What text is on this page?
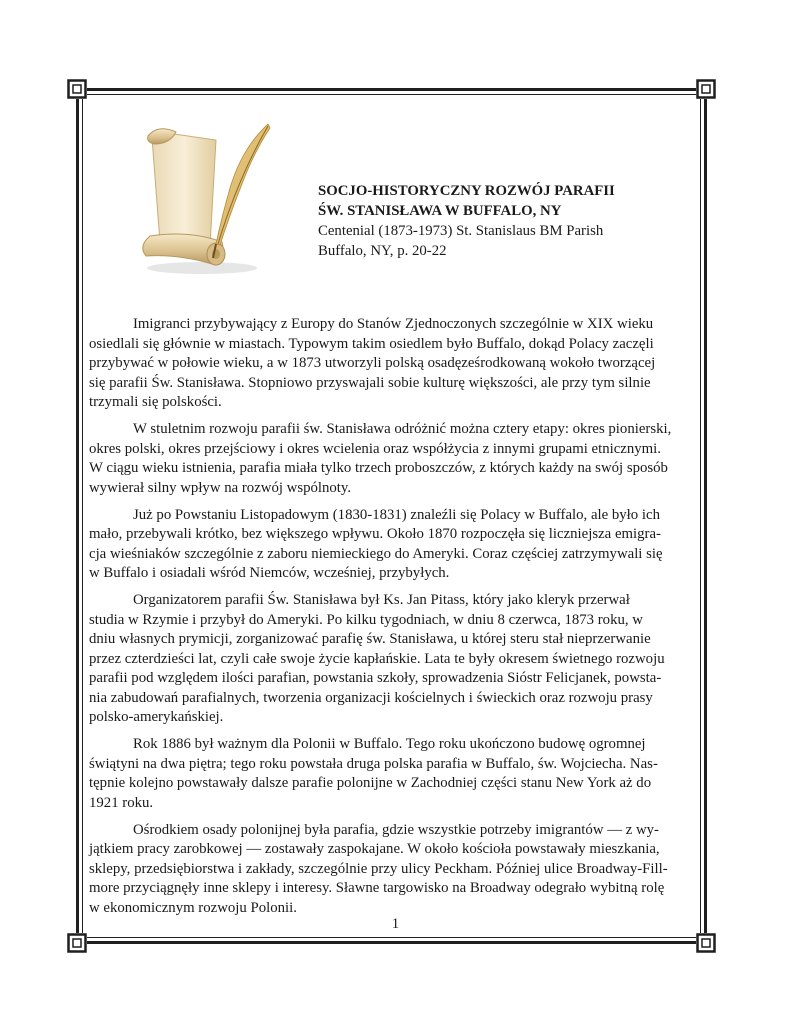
SOCJO-HISTORYCZNY ROZWÓJ PARAFII
ŚW. STANISŁAWA W BUFFALO, NY
Centenial (1873-1973) St. Stanislaus BM Parish
Buffalo, NY, p. 20-22

Imigranci przybywający z Europy do Stanów Zjednoczonych szczególnie w XIX wieku
osiedlali się głównie w miastach. Typowym takim osiedlem było Buffalo, dokąd Polacy zaczęli
przybywać w połowie wieku, a w 1873 utworzyli polską osadęześrodkowaną wokoło tworzącej
się parafii Św. Stanisława. Stopniowo przyswajali sobie kulturę większości, ale przy tym silnie
trzymali się polskości.

W stuletnim rozwoju parafii św. Stanisława odróżnić można cztery etapy: okres pionierski,
okres polski, okres przejściowy i okres wcielenia oraz współżycia z innymi grupami etnicznymi.
W ciągu wieku istnienia, parafia miała tylko trzech proboszczów, z których każdy na swój sposób
wywierał silny wpływ na rozwój wspólnoty.

Już po Powstaniu Listopadowym (1830-1831) znaleźli się Polacy w Buffalo, ale było ich
mało, przebywali krótko, bez większego wpływu. Około 1870 rozpoczęła się liczniejsza emigra-
cja wieśniaków szczególnie z zaboru niemieckiego do Ameryki. Coraz częściej zatrzymywali się
w Buffalo i osiadali wśród Niemców, wcześniej, przybyłych.

Organizatorem parafii Św. Stanisława był Ks. Jan Pitass, który jako kleryk przerwał
studia w Rzymie i przybył do Ameryki. Po kilku tygodniach, w dniu 8 czerwca, 1873 roku, w
dniu własnych prymicji, zorganizować parafię św. Stanisława, u której steru stał nieprzerwanie
przez czterdzieści lat, czyli całe swoje życie kapłańskie. Lata te były okresem świetnego rozwoju
parafii pod względem ilości parafian, powstania szkoły, sprowadzenia Sióstr Felicjanek, powsta-
nia zabudowań parafialnych, tworzenia organizacji kościelnych i świeckich oraz rozwoju prasy
polsko-amerykańskiej.

Rok 1886 był ważnym dla Polonii w Buffalo. Tego roku ukończono budowę ogromnej
świątyni na dwa piętra; tego roku powstała druga polska parafia w Buffalo, św. Wojciecha. Nas-
tępnie kolejno powstawały dalsze parafie polonijne w Zachodniej części stanu New York aż do
1921 roku.

Ośrodkiem osady polonijnej była parafia, gdzie wszystkie potrzeby imigrantów — z wy-
jątkiem pracy zarobkowej — zostawały zaspokajane. W około kościoła powstawały mieszkania,
sklepy, przedsiębiorstwa i zakłady, szczególnie przy ulicy Peckham. Później ulice Broadway-Fill-
more przyciągnęły inne sklepy i interesy. Sławne targowisko na Broadway odegrało wybitną rolę
w ekonomicznym rozwoju Polonii.

1
